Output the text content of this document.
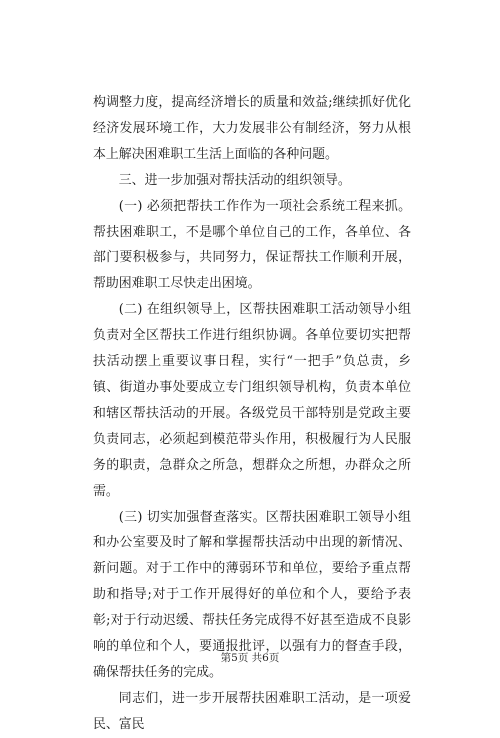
构调整力度，提高经济增长的质量和效益;继续抓好优化经济发展环境工作，大力发展非公有制经济，努力从根本上解决困难职工生活上面临的各种问题。

三、进一步加强对帮扶活动的组织领导。

(一) 必须把帮扶工作作为一项社会系统工程来抓。帮扶困难职工，不是哪个单位自己的工作，各单位、各部门要积极参与，共同努力，保证帮扶工作顺利开展，帮助困难职工尽快走出困境。

(二) 在组织领导上，区帮扶困难职工活动领导小组负责对全区帮扶工作进行组织协调。各单位要切实把帮扶活动摆上重要议事日程，实行“一把手”负总责，乡镇、街道办事处要成立专门组织领导机构，负责本单位和辖区帮扶活动的开展。各级党员干部特别是党政主要负责同志，必须起到模范带头作用，积极履行为人民服务的职责，急群众之所急，想群众之所想，办群众之所需。

(三) 切实加强督查落实。区帮扶困难职工领导小组和办公室要及时了解和掌握帮扶活动中出现的新情况、新问题。对于工作中的薄弱环节和单位，要给予重点帮助和指导;对于工作开展得好的单位和个人，要给予表彰;对于行动迟缓、帮扶任务完成得不好甚至造成不良影响的单位和个人，要通报批评，以强有力的督查手段，确保帮扶任务的完成。

同志们，进一步开展帮扶困难职工活动，是一项爱民、富民

第5页 共6页
